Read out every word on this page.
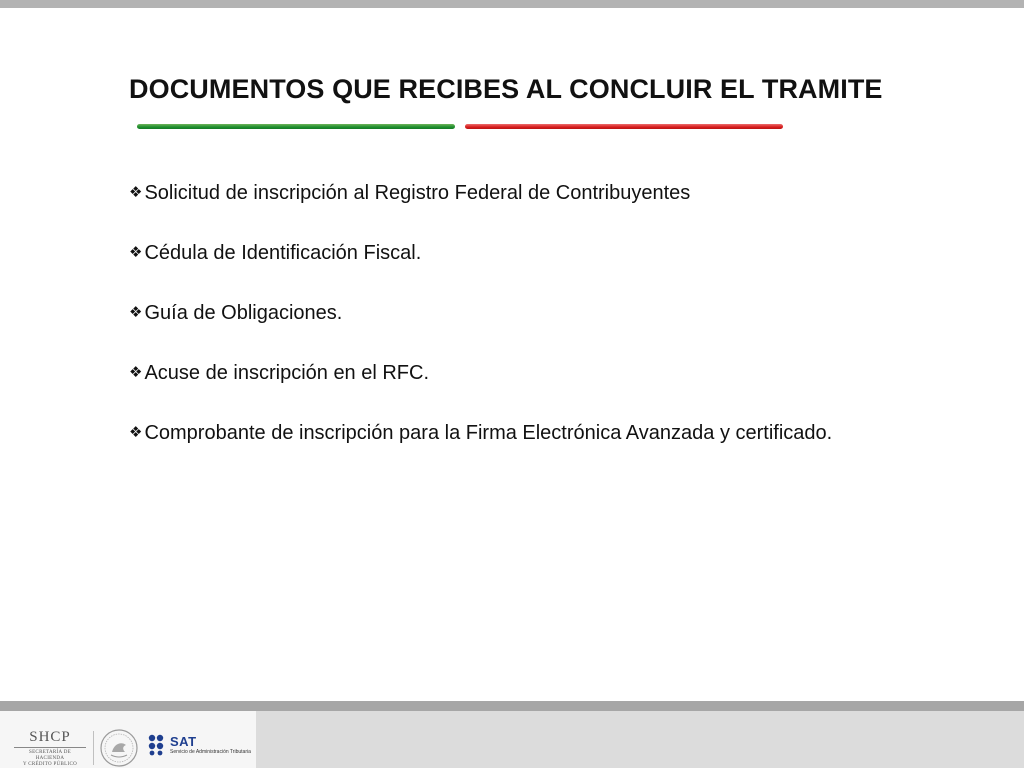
DOCUMENTOS QUE RECIBES AL CONCLUIR EL TRAMITE
❖ Solicitud de inscripción al Registro Federal de Contribuyentes
❖ Cédula de Identificación Fiscal.
❖ Guía de Obligaciones.
❖ Acuse de inscripción en el RFC.
❖ Comprobante de inscripción para la Firma Electrónica Avanzada y certificado.
SHCP
SECRETARÍA DE HACIENDA
Y CRÉDITO PÚBLICO
SAT
Servicio de Administración Tributaria
